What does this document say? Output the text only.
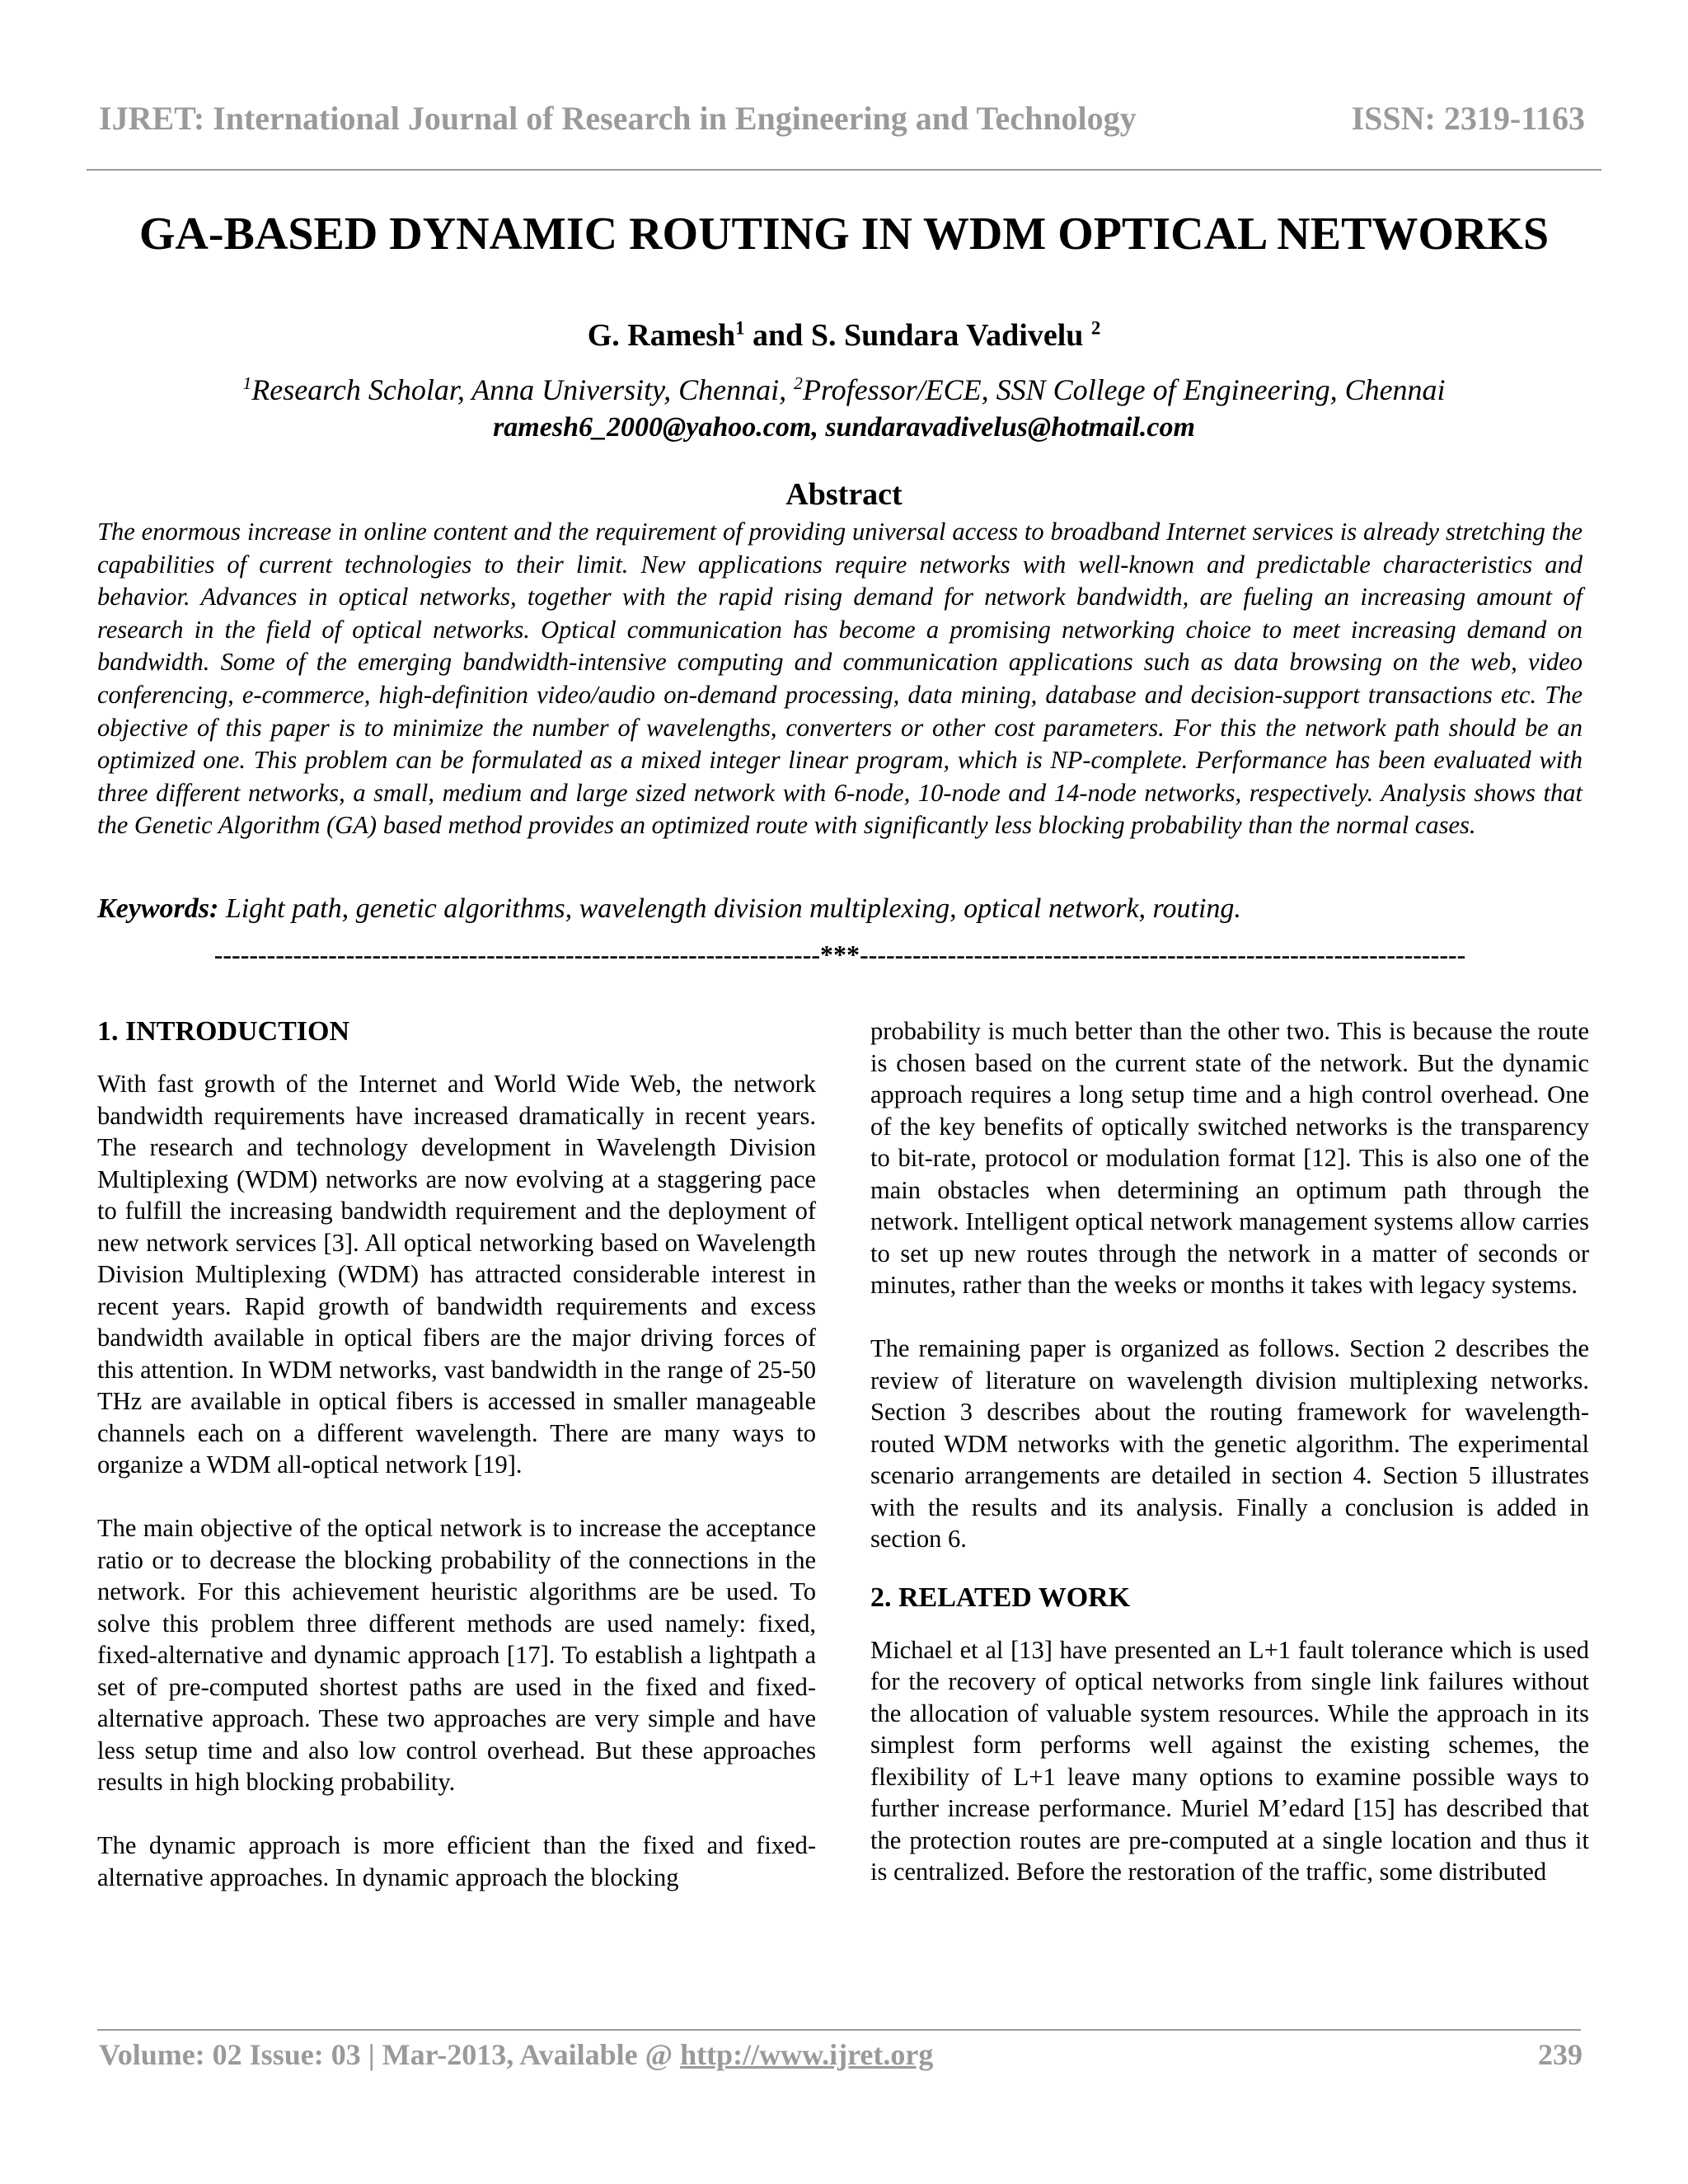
IJRET: International Journal of Research in Engineering and Technology	ISSN: 2319-1163
GA-BASED DYNAMIC ROUTING IN WDM OPTICAL NETWORKS
G. Ramesh$^1$ and S. Sundara Vadivelu $^2$
$^1$Research Scholar, Anna University, Chennai, $^2$Professor/ECE, SSN College of Engineering, Chennai
ramesh6_2000@yahoo.com, sundaravadivelus@hotmail.com
Abstract

The enormous increase in online content and the requirement of providing universal access to broadband Internet services is already stretching the capabilities of current technologies to their limit. New applications require networks with well-known and predictable characteristics and behavior. Advances in optical networks, together with the rapid rising demand for network bandwidth, are fueling an increasing amount of research in the field of optical networks. Optical communication has become a promising networking choice to meet increasing demand on bandwidth. Some of the emerging bandwidth-intensive computing and communication applications such as data browsing on the web, video conferencing, e-commerce, high-definition video/audio on-demand processing, data mining, database and decision-support transactions etc. The objective of this paper is to minimize the number of wavelengths, converters or other cost parameters. For this the network path should be an optimized one. This problem can be formulated as a mixed integer linear program, which is NP-complete. Performance has been evaluated with three different networks, a small, medium and large sized network with 6-node, 10-node and 14-node networks, respectively. Analysis shows that the Genetic Algorithm (GA) based method provides an optimized route with significantly less blocking probability than the normal cases.

Keywords: Light path, genetic algorithms, wavelength division multiplexing, optical network, routing.
---------------------------------------------------------------------***---------------------------------------------------------------------
1. INTRODUCTION

With fast growth of the Internet and World Wide Web, the network bandwidth requirements have increased dramatically in recent years. The research and technology development in Wavelength Division Multiplexing (WDM) networks are now evolving at a staggering pace to fulfill the increasing bandwidth requirement and the deployment of new network services [3]. All optical networking based on Wavelength Division Multiplexing (WDM) has attracted considerable interest in recent years. Rapid growth of bandwidth requirements and excess bandwidth available in optical fibers are the major driving forces of this attention. In WDM networks, vast bandwidth in the range of 25-50 THz are available in optical fibers is accessed in smaller manageable channels each on a different wavelength. There are many ways to organize a WDM all-optical network [19].

The main objective of the optical network is to increase the acceptance ratio or to decrease the blocking probability of the connections in the network. For this achievement heuristic algorithms are be used. To solve this problem three different methods are used namely: fixed, fixed-alternative and dynamic approach [17]. To establish a lightpath a set of pre-computed shortest paths are used in the fixed and fixed-alternative approach. These two approaches are very simple and have less setup time and also low control overhead. But these approaches results in high blocking probability.

The dynamic approach is more efficient than the fixed and fixed-alternative approaches. In dynamic approach the blocking

probability is much better than the other two. This is because the route is chosen based on the current state of the network. But the dynamic approach requires a long setup time and a high control overhead. One of the key benefits of optically switched networks is the transparency to bit-rate, protocol or modulation format [12]. This is also one of the main obstacles when determining an optimum path through the network. Intelligent optical network management systems allow carries to set up new routes through the network in a matter of seconds or minutes, rather than the weeks or months it takes with legacy systems.

The remaining paper is organized as follows. Section 2 describes the review of literature on wavelength division multiplexing networks. Section 3 describes about the routing framework for wavelength-routed WDM networks with the genetic algorithm. The experimental scenario arrangements are detailed in section 4. Section 5 illustrates with the results and its analysis. Finally a conclusion is added in section 6.

2. RELATED WORK

Michael et al [13] have presented an L+1 fault tolerance which is used for the recovery of optical networks from single link failures without the allocation of valuable system resources. While the approach in its simplest form performs well against the existing schemes, the flexibility of L+1 leave many options to examine possible ways to further increase performance. Muriel M’edard [15] has described that the protection routes are pre-computed at a single location and thus it is centralized. Before the restoration of the traffic, some distributed

Volume: 02 Issue: 03 | Mar-2013, Available @ http://www.ijret.org	239
